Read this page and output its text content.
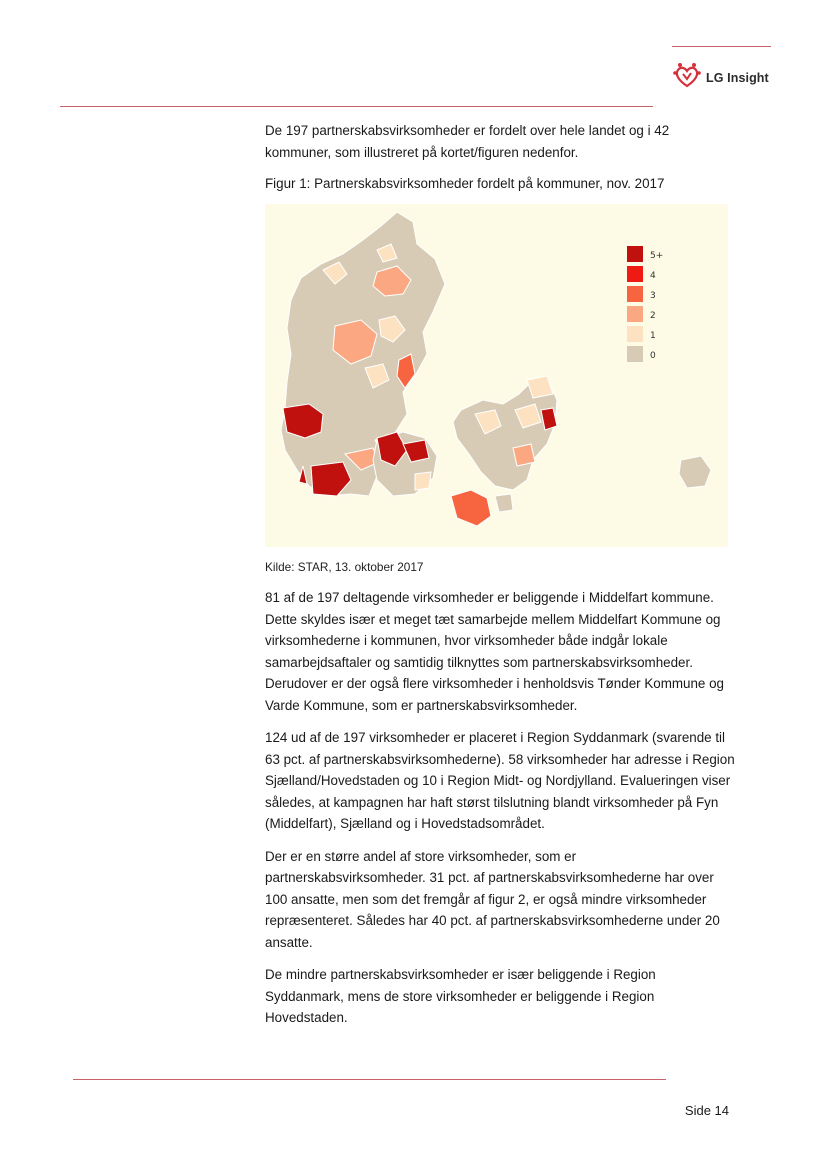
LG Insight

De 197 partnerskabsvirksomheder er fordelt over hele landet og i 42 kommuner, som illustreret på kortet/figuren nedenfor.

Figur 1: Partnerskabsvirksomheder fordelt på kommuner, nov. 2017

5+
4
3
2
1
0

Kilde: STAR, 13. oktober 2017

81 af de 197 deltagende virksomheder er beliggende i Middelfart kommune. Dette skyldes især et meget tæt samarbejde mellem Middelfart Kommune og virksomhederne i kommunen, hvor virksomheder både indgår lokale samarbejdsaftaler og samtidig tilknyttes som partnerskabsvirksomheder. Derudover er der også flere virksomheder i henholdsvis Tønder Kommune og Varde Kommune, som er partnerskabsvirksomheder.

124 ud af de 197 virksomheder er placeret i Region Syddanmark (svarende til 63 pct. af partnerskabsvirksomhederne). 58 virksomheder har adresse i Region Sjælland/Hovedstaden og 10 i Region Midt- og Nordjylland. Evalueringen viser således, at kampagnen har haft størst tilslutning blandt virksomheder på Fyn (Middelfart), Sjælland og i Hovedstadsområdet.

Der er en større andel af store virksomheder, som er partnerskabsvirksomheder. 31 pct. af partnerskabsvirksomhederne har over 100 ansatte, men som det fremgår af figur 2, er også mindre virksomheder repræsenteret. Således har 40 pct. af partnerskabsvirksomhederne under 20 ansatte.

De mindre partnerskabsvirksomheder er især beliggende i Region Syddanmark, mens de store virksomheder er beliggende i Region Hovedstaden.

Side 14
